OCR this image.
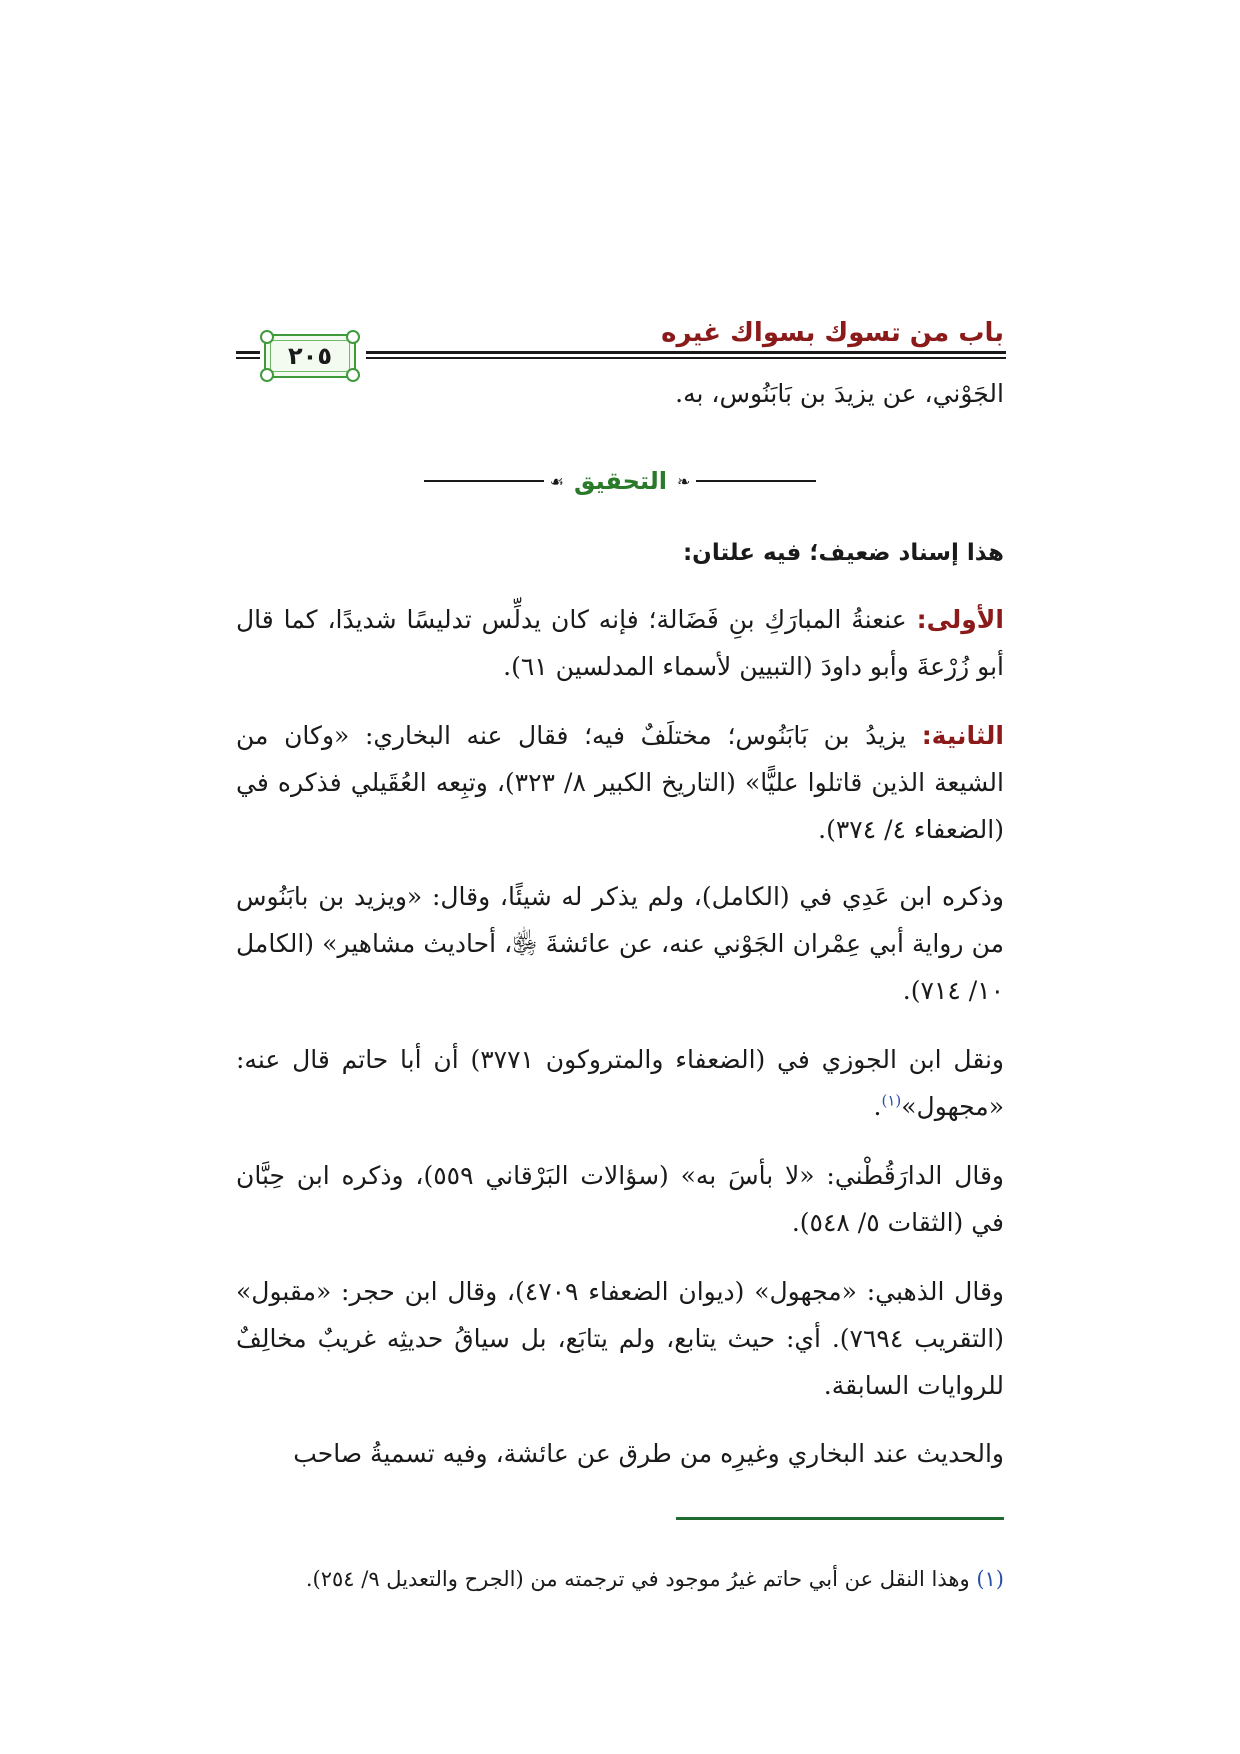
باب من تسوك بسواك غيره
٢٠٥

الجَوْني، عن يزيدَ بن بَابَنُوس، به.

❧
التحقيق
☙
هذا إسناد ضعيف؛ فيه علتان:

الأولى: عنعنةُ المبارَكِ بنِ فَضَالة؛ فإنه كان يدلِّس تدليسًا شديدًا، كما قال أبو زُرْعةَ وأبو داودَ (التبيين لأسماء المدلسين ٦١).

الثانية: يزيدُ بن بَابَنُوس؛ مختلَفٌ فيه؛ فقال عنه البخاري: «وكان من الشيعة الذين قاتلوا عليًّا» (التاريخ الكبير ٨/ ٣٢٣)، وتبِعه العُقَيلي فذكره في (الضعفاء ٤/ ٣٧٤).

وذكره ابن عَدِي في (الكامل)، ولم يذكر له شيئًا، وقال: «ويزيد بن بابَنُوس من رواية أبي عِمْران الجَوْني عنه، عن عائشةَ ﵂، أحاديث مشاهير» (الكامل ١٠/ ٧١٤).

ونقل ابن الجوزي في (الضعفاء والمتروكون ٣٧٧١) أن أبا حاتم قال عنه: «مجهول»$^{(١)}$.

وقال الدارَقُطْني: «لا بأسَ به» (سؤالات البَرْقاني ٥٥٩)، وذكره ابن حِبَّان في (الثقات ٥/ ٥٤٨).

وقال الذهبي: «مجهول» (ديوان الضعفاء ٤٧٠٩)، وقال ابن حجر: «مقبول» (التقريب ٧٦٩٤). أي: حيث يتابع، ولم يتابَع، بل سياقُ حديثِه غريبٌ مخالِفٌ للروايات السابقة.

والحديث عند البخاري وغيرِه من طرق عن عائشة، وفيه تسميةُ صاحب

(١) وهذا النقل عن أبي حاتم غيرُ موجود في ترجمته من (الجرح والتعديل ٩/ ٢٥٤).
